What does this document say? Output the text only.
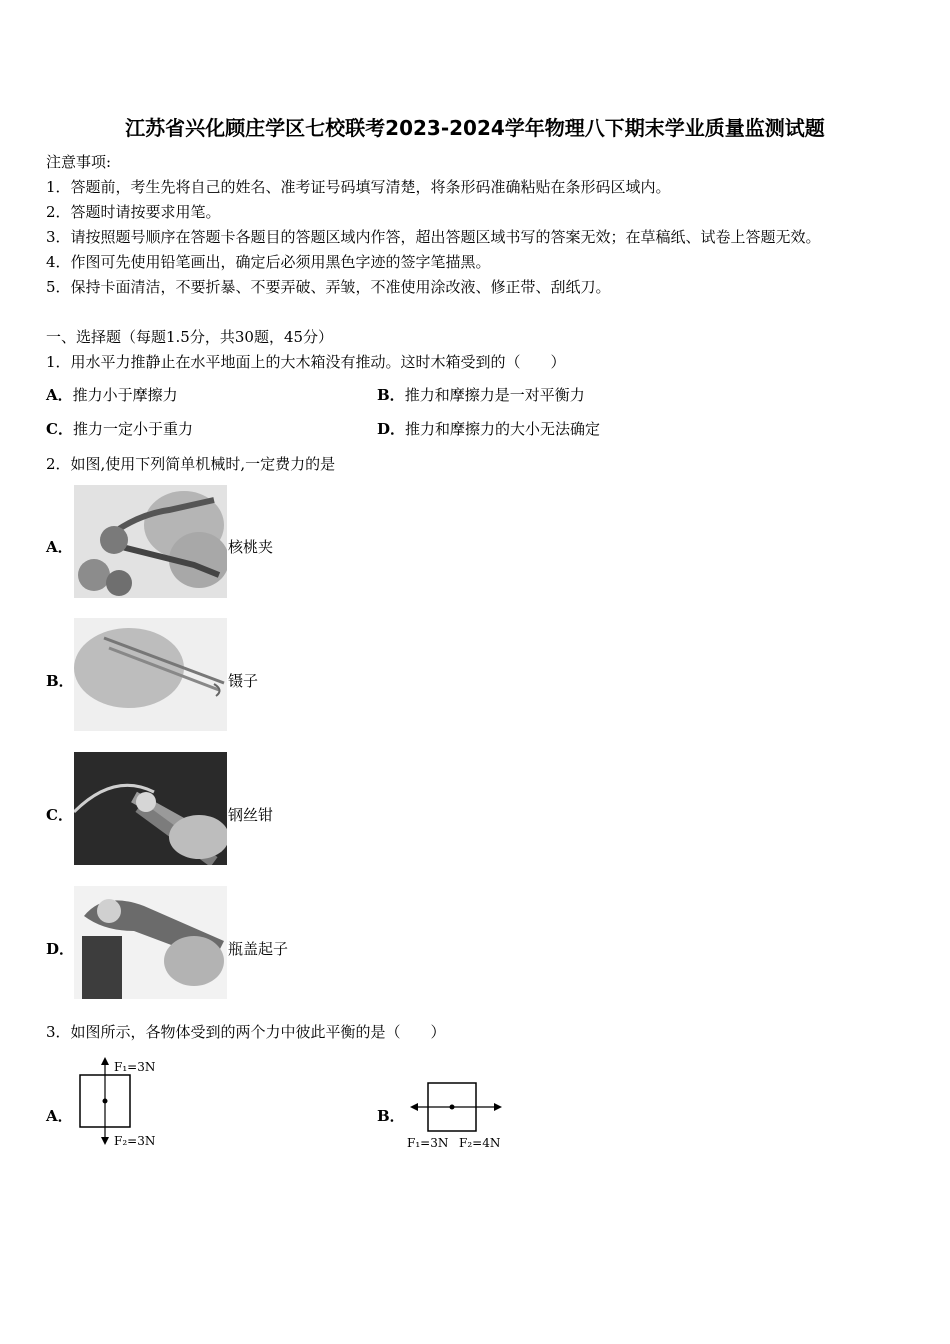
江苏省兴化顾庄学区七校联考2023-2024学年物理八下期末学业质量监测试题
注意事项:
1．答题前，考生先将自己的姓名、准考证号码填写清楚，将条形码准确粘贴在条形码区域内。
2．答题时请按要求用笔。
3．请按照题号顺序在答题卡各题目的答题区域内作答，超出答题区域书写的答案无效；在草稿纸、试卷上答题无效。
4．作图可先使用铅笔画出，确定后必须用黑色字迹的签字笔描黑。
5．保持卡面清洁，不要折暴、不要弄破、弄皱，不准使用涂改液、修正带、刮纸刀。
一、选择题（每题1.5分，共30题，45分）
1．用水平力推静止在水平地面上的大木箱没有推动。这时木箱受到的（　　）
A．推力小于摩擦力	B．推力和摩擦力是一对平衡力
C．推力一定小于重力	D．推力和摩擦力的大小无法确定
2．如图,使用下列简单机械时,一定费力的是
A．	核桃夹
B．	镊子
C．	钢丝钳
D．	瓶盖起子
3．如图所示，各物体受到的两个力中彼此平衡的是（　　）
A．
F₁=3N
F₂=3N
B．
F₁=3N F₂=4N
